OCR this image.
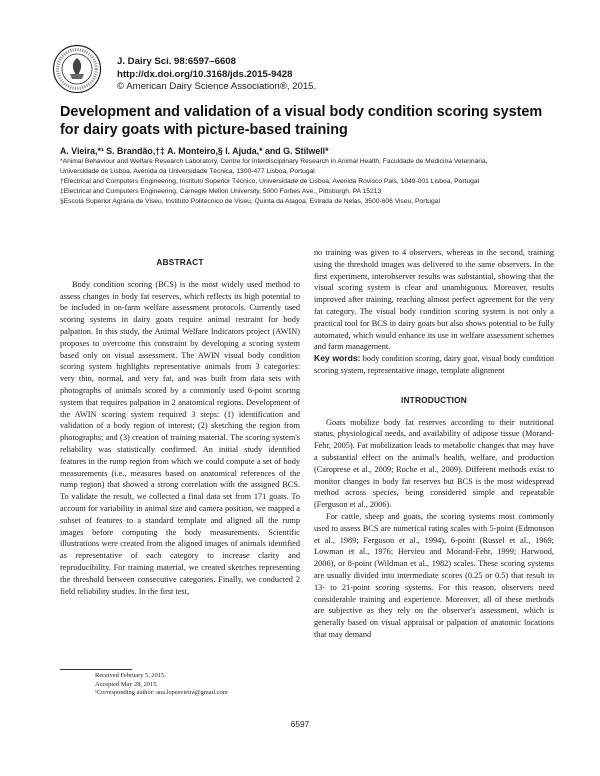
J. Dairy Sci. 98:6597–6608
http://dx.doi.org/10.3168/jds.2015-9428
© American Dairy Science Association®, 2015.
Development and validation of a visual body condition scoring system for dairy goats with picture-based training
A. Vieira,*¹ S. Brandão,†‡ A. Monteiro,§ I. Ajuda,* and G. Stilwell*
*Animal Behaviour and Welfare Research Laboratory, Centre for Interdisciplinary Research in Animal Health, Faculdade de Medicina Veterinária,
Universidade de Lisboa, Avenida da Universidade Técnica, 1300-477 Lisboa, Portugal
†Electrical and Computers Engineering, Instituto Superior Técnico, Universidade de Lisboa, Avenida Rovisco Pais, 1049-001 Lisboa, Portugal
‡Electrical and Computers Engineering, Carnegie Mellon University, 5000 Forbes Ave., Pittsburgh, PA 15213
§Escola Superior Agrária de Viseu, Instituto Politécnico de Viseu, Quinta da Alagoa, Estrada de Nelas, 3500-606 Viseu, Portugal
ABSTRACT

Body condition scoring (BCS) is the most widely used method to assess changes in body fat reserves, which reflects its high potential to be included in on-farm welfare assessment protocols. Currently used scoring systems in dairy goats require animal restraint for body palpation. In this study, the Animal Welfare Indicators project (AWIN) proposes to overcome this constraint by developing a scoring system based only on visual assessment. The AWIN visual body condition scoring system highlights representative animals from 3 categories: very thin, normal, and very fat, and was built from data sets with photographs of animals scored by a commonly used 6-point scoring system that requires palpation in 2 anatomical regions. Development of the AWIN scoring system required 3 steps: (1) identification and validation of a body region of interest; (2) sketching the region from photographs; and (3) creation of training material. The scoring system's reliability was statistically confirmed. An initial study identified features in the rump region from which we could compute a set of body measurements (i.e., measures based on anatomical references of the rump region) that showed a strong correlation with the assigned BCS. To validate the result, we collected a final data set from 171 goats. To account for variability in animal size and camera position, we mapped a subset of features to a standard template and aligned all the rump images before computing the body measurements. Scientific illustrations were created from the aligned images of animals identified as representative of each category to increase clarity and reproducibility. For training material, we created sketches representing the threshold between consecutive categories. Finally, we conducted 2 field reliability studies. In the first test,

no training was given to 4 observers, whereas in the second, training using the threshold images was delivered to the same observers. In the first experiment, interobserver results was substantial, showing that the visual scoring system is clear and unambiguous. Moreover, results improved after training, reaching almost perfect agreement for the very fat category. The visual body condition scoring system is not only a practical tool for BCS in dairy goats but also shows potential to be fully automated, which would enhance its use in welfare assessment schemes and farm management.

Key words: body condition scoring, dairy goat, visual body condition scoring system, representative image, template alignment

INTRODUCTION

Goats mobilize body fat reserves according to their nutritional status, physiological needs, and availability of adipose tissue (Morand-Fehr, 2005). Fat mobilization leads to metabolic changes that may have a substantial effect on the animal's health, welfare, and production (Caroprese et al., 2009; Roche et al., 2009). Different methods exist to monitor changes in body fat reserves but BCS is the most widespread method across species, being considered simple and repeatable (Ferguson et al., 2006).

For cattle, sheep and goats, the scoring systems most commonly used to assess BCS are numerical rating scales with 5-point (Edmonson et al., 1989; Ferguson et al., 1994), 6-point (Russel et al., 1969; Lowman et al., 1976; Hervieu and Morand-Fehr, 1999; Harwood, 2006), or 8-point (Wildman et al., 1982) scales. These scoring systems are usually divided into intermediate scores (0.25 or 0.5) that result in 13- to 21-point scoring systems. For this reason, observers need considerable training and experience. Moreover, all of these methods are subjective as they rely on the observer's assessment, which is generally based on visual appraisal or palpation of anatomic locations that may demand

Received February 5, 2015.
Accepted May 28, 2015.
¹Corresponding author: ana.lopesvieira@gmail.com
6597
